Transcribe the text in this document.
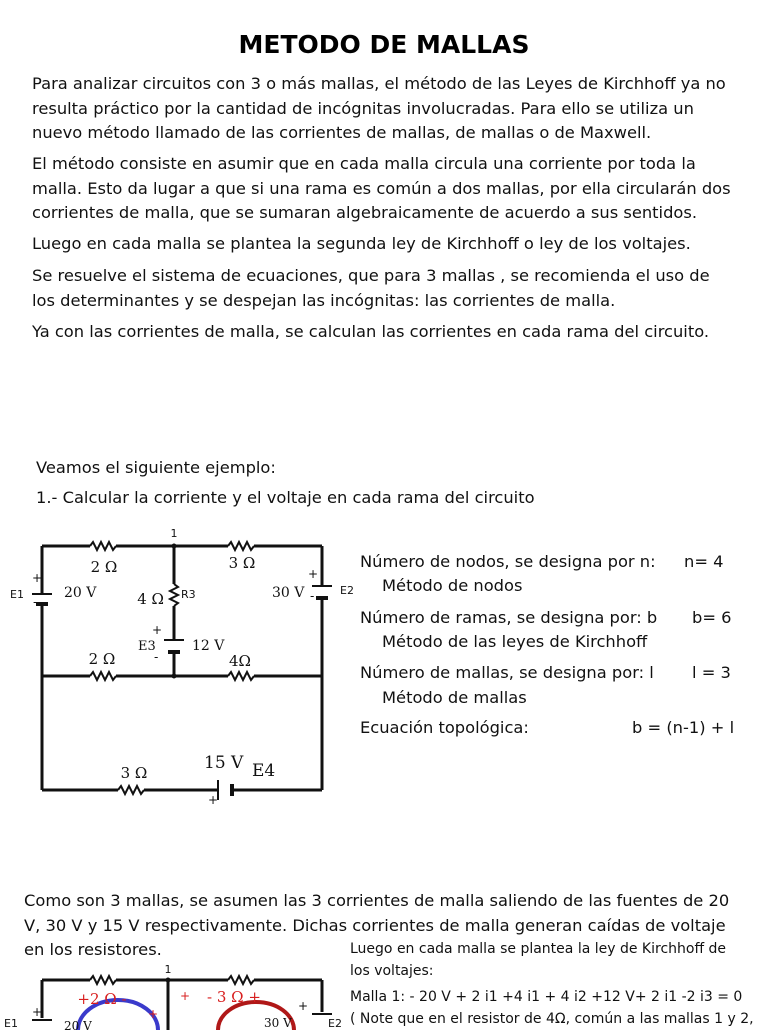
METODO DE MALLAS

Para analizar circuitos con 3 o más mallas, el método de las Leyes de Kirchhoff ya no resulta práctico por la cantidad de incógnitas involucradas. Para ello se utiliza un nuevo método llamado de las corrientes de mallas, de mallas o de Maxwell.

El método consiste en asumir que en cada malla circula una corriente por toda la malla. Esto da lugar a que si una rama es común a dos mallas, por ella circularán dos corrientes de malla, que se sumaran algebraicamente de acuerdo a sus sentidos.

Luego en cada malla se plantea la segunda ley de Kirchhoff o ley de los voltajes.

Se resuelve el sistema de ecuaciones, que para 3 mallas , se recomienda el uso de los determinantes y se despejan las incógnitas: las corrientes de malla.

Ya con las corrientes de malla, se calculan las corrientes en cada rama del circuito.

Veamos el siguiente ejemplo:
1.- Calcular la corriente y el voltaje en cada rama del circuito
1
2 Ω	3 Ω
4 Ω R3
E1
+
-
20 V	30 V
+
- E2
+
E3
-
12 V
2 Ω	4Ω
3 Ω	15 V E4
+
Número de nodos, se designa por n: n= 4
Método de nodos
Número de ramas, se designa por: b b= 6
Método de las leyes de Kirchhoff
Número de mallas, se designa por: l l = 3
Método de mallas
Ecuación topológica:	b = (n-1) + l

Como son 3 mallas, se asumen las 3 corrientes de malla saliendo de las fuentes de 20 V, 30 V y 15 V respectivamente. Dichas corrientes de malla generan caídas de voltaje en los resistores.	Luego en cada malla se plantea la ley de Kirchhoff de los voltajes:
Malla 1: - 20 V + 2 i1 +4 i1 + 4 i2 +12 V+ 2 i1 -2 i3 = 0
( Note que en el resistor de 4Ω, común a las mallas 1 y 2,
1
+2 Ω -	- 3 Ω +
+
+
+	+
20 V	30 V
E1	E2
